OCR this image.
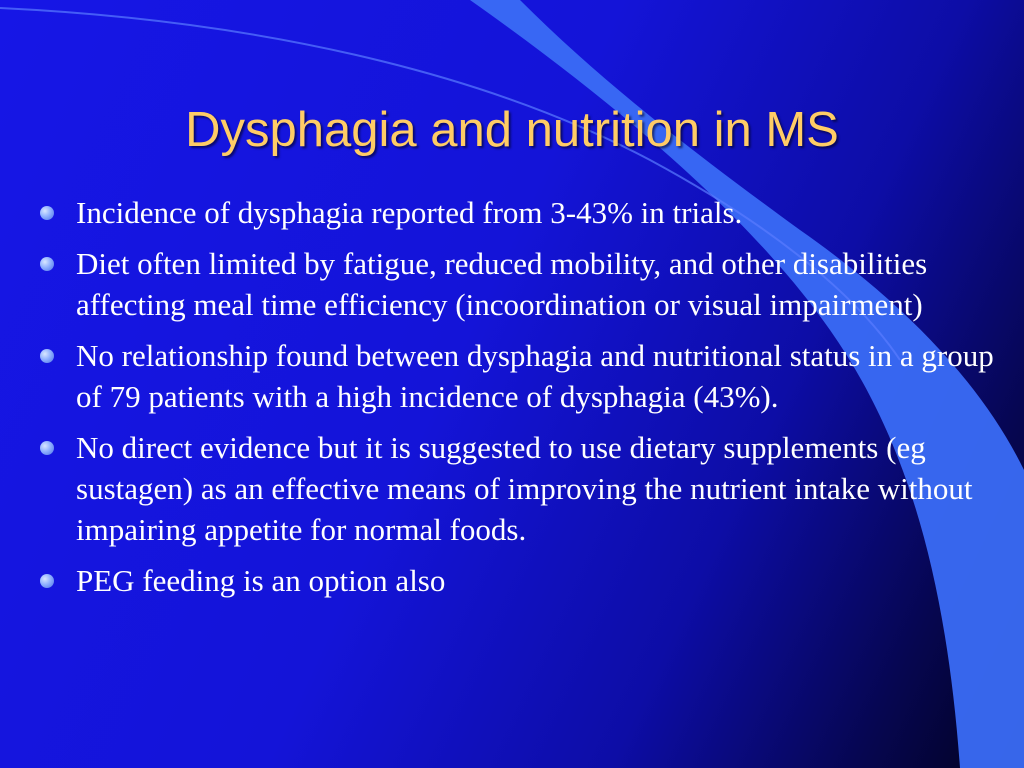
Dysphagia and nutrition in MS
Incidence of dysphagia reported from 3-43% in trials.
Diet often limited by fatigue, reduced mobility, and other disabilities affecting meal time efficiency (incoordination or visual impairment)
No relationship found between dysphagia and nutritional status in a group of 79 patients with a high incidence of dysphagia (43%).
No direct evidence but it is suggested to use dietary supplements (eg sustagen) as an effective means of improving the nutrient intake without impairing appetite for normal foods.
PEG feeding is an option also
